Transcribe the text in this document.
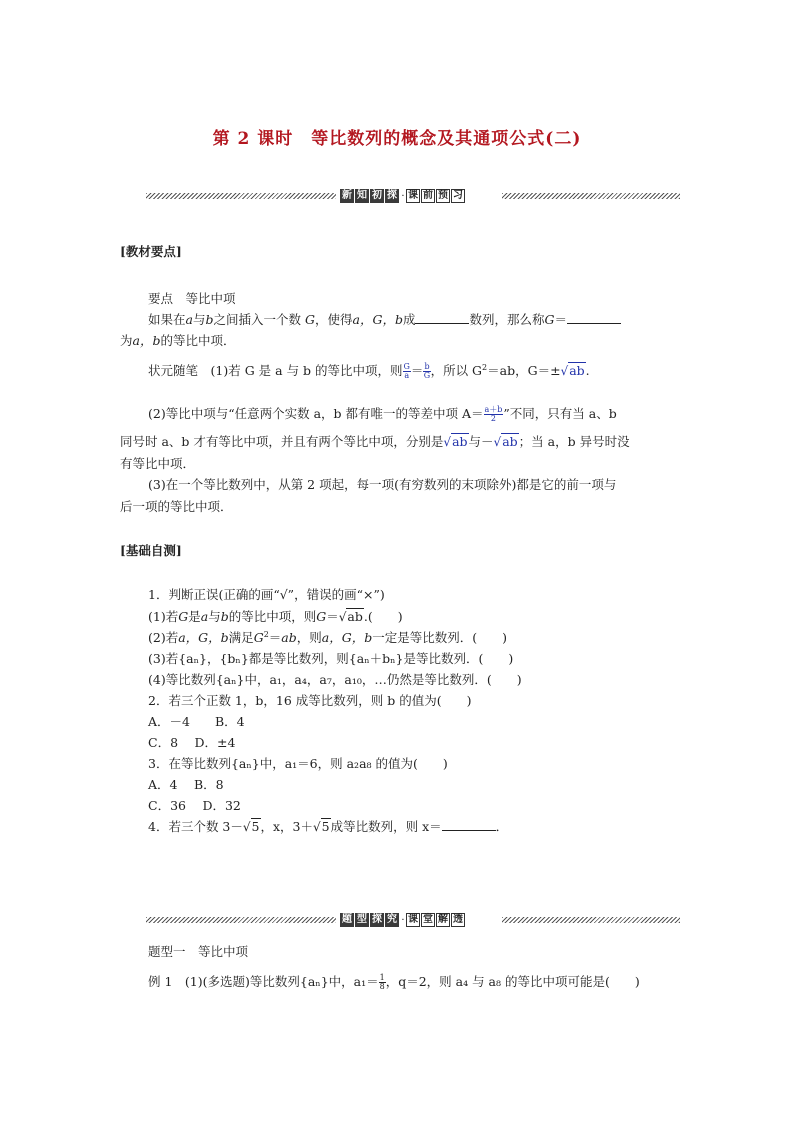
第 2 课时　等比数列的概念及其通项公式(二)
新 知 初 探 · 课 前 预 习
[教材要点]
要点　等比中项
如果在a与b之间插入一个数 G，使得a，G，b成	数列，那么称G＝
为a，b的等比中项．
状元随笔　 (1)若 G 是 a 与 b 的等比中项，则 $\frac{G}{a} = \frac{b}{G}$ ，所以 $G^2=ab$，G＝±√ab.
(2)等比中项与“任意两个实数 a，b 都有唯一的等差中项 $A= \frac{a+b}{2}$ ”不同，只有当 a、b
同号时 a、b 才有等比中项，并且有两个等比中项，分别是√ab与－√ab；当 a，b 异号时没
有等比中项．
(3)在一个等比数列中，从第 2 项起，每一项(有穷数列的末项除外)都是它的前一项与
后一项的等比中项．
[基础自测]
1．判断正误(正确的画“√”，错误的画“×”)
(1)若G是a与b的等比中项，则G＝√ab.(　　)
(2)若a，G，b满足$G^2=ab$，则a，G，b一定是等比数列．(　　)
(3)若{aₙ}，{bₙ}都是等比数列，则{aₙ＋bₙ}是等比数列．(　　)
(4)等比数列{aₙ}中，a₁，a₄，a₇，a₁₀，…仍然是等比数列．(　　)
2．若三个正数 1，b，16 成等比数列，则 b 的值为(　　)
A．－4　　B．4
C．8　 D．±4
3．在等比数列{aₙ}中，a₁＝6，则 a₂a₈ 的值为(　　)
A．4　 B．8
C．36　 D．32
4．若三个数 3－√5，x，3＋√5成等比数列，则 x＝	．
题 型 探 究 · 课 堂 解 透
题型一　等比中项
例 1　(1)(多选题)等比数列{aₙ}中，$a_1= \frac{1}{8}$ ，q＝2，则 a₄ 与 a₈ 的等比中项可能是(　　)
